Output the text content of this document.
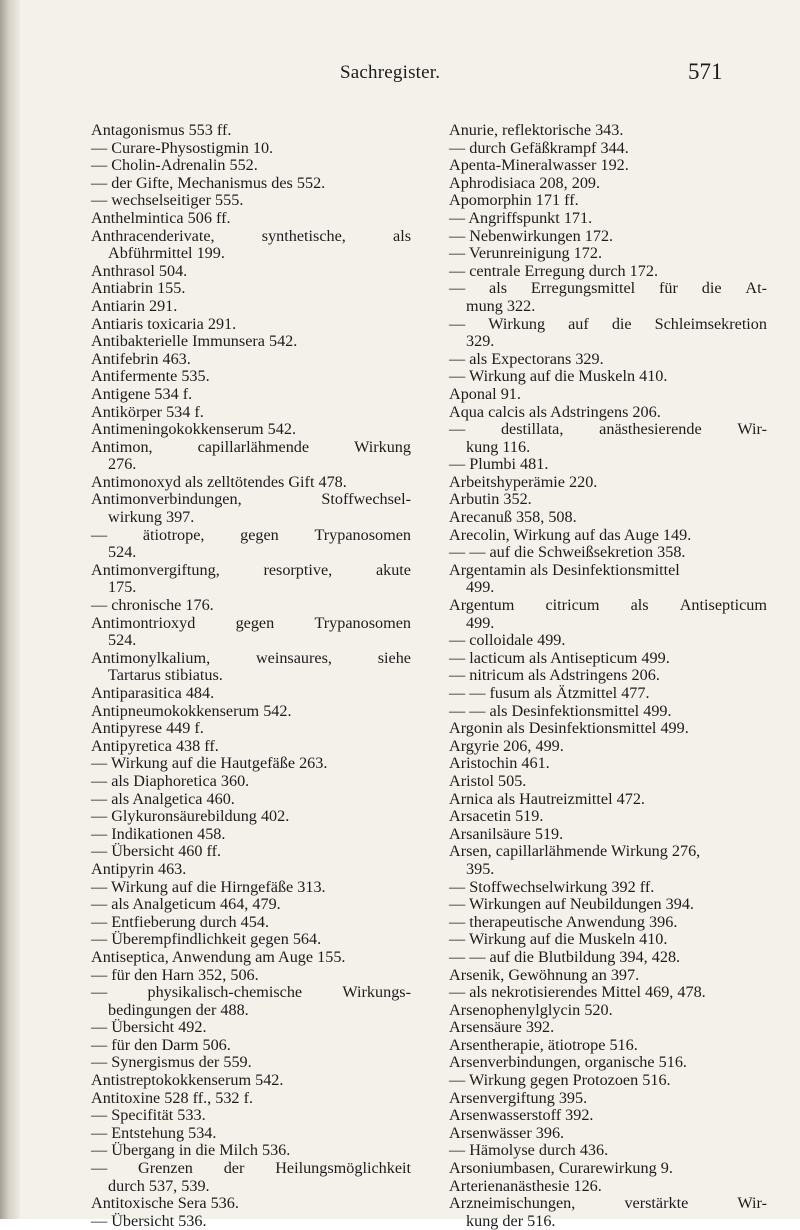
Sachregister.	571
Antagonismus 553 ff.
— Curare-Physostigmin 10.
— Cholin-Adrenalin 552.
— der Gifte, Mechanismus des 552.
— wechselseitiger 555.
Anthelmintica 506 ff.
Anthracenderivate,	synthetische,	als
Abführmittel 199.
Anthrasol 504.
Antiabrin 155.
Antiarin 291.
Antiaris toxicaria 291.
Antibakterielle Immunsera 542.
Antifebrin 463.
Antifermente 535.
Antigene 534 f.
Antikörper 534 f.
Antimeningokokkenserum 542.
Antimon,	capillarlähmende	Wirkung
276.
Antimonoxyd als zelltötendes Gift 478.
Antimonverbindungen,	Stoffwechsel-
wirkung 397.
— ätiotrope, gegen Trypanosomen
524.
Antimonvergiftung,	resorptive,	akute
175.
— chronische 176.
Antimontrioxyd gegen Trypanosomen
524.
Antimonylkalium,	weinsaures,	siehe
Tartarus stibiatus.
Antiparasitica 484.
Antipneumokokkenserum 542.
Antipyrese 449 f.
Antipyretica 438 ff.
— Wirkung auf die Hautgefäße 263.
— als Diaphoretica 360.
— als Analgetica 460.
— Glykuronsäurebildung 402.
— Indikationen 458.
— Übersicht 460 ff.
Antipyrin 463.
— Wirkung auf die Hirngefäße 313.
— als Analgeticum 464, 479.
— Entfieberung durch 454.
— Überempfindlichkeit gegen 564.
Antiseptica, Anwendung am Auge 155.
— für den Harn 352, 506.
— physikalisch-chemische Wirkungs-
bedingungen der 488.
— Übersicht 492.
— für den Darm 506.
— Synergismus der 559.
Antistreptokokkenserum 542.
Antitoxine 528 ff., 532 f.
— Specifität 533.
— Entstehung 534.
— Übergang in die Milch 536.
— Grenzen der Heilungsmöglichkeit
durch 537, 539.
Antitoxische Sera 536.
— Übersicht 536.
Anurie, reflektorische 343.
— durch Gefäßkrampf 344.
Apenta-Mineralwasser 192.
Aphrodisiaca 208, 209.
Apomorphin 171 ff.
— Angriffspunkt 171.
— Nebenwirkungen 172.
— Verunreinigung 172.
— centrale Erregung durch 172.
— als Erregungsmittel für die At-
mung 322.
— Wirkung auf die Schleimsekretion
329.
— als Expectorans 329.
— Wirkung auf die Muskeln 410.
Aponal 91.
Aqua calcis als Adstringens 206.
— destillata, anästhesierende Wir-
kung 116.
— Plumbi 481.
Arbeitshyperämie 220.
Arbutin 352.
Arecanuß 358, 508.
Arecolin, Wirkung auf das Auge 149.
— — auf die Schweißsekretion 358.
Argentamin als Desinfektionsmittel
499.
Argentum citricum als Antisepticum
499.
— colloidale 499.
— lacticum als Antisepticum 499.
— nitricum als Adstringens 206.
— — fusum als Ätzmittel 477.
— — als Desinfektionsmittel 499.
Argonin als Desinfektionsmittel 499.
Argyrie 206, 499.
Aristochin 461.
Aristol 505.
Arnica als Hautreizmittel 472.
Arsacetin 519.
Arsanilsäure 519.
Arsen, capillarlähmende Wirkung 276,
395.
— Stoffwechselwirkung 392 ff.
— Wirkungen auf Neubildungen 394.
— therapeutische Anwendung 396.
— Wirkung auf die Muskeln 410.
— — auf die Blutbildung 394, 428.
Arsenik, Gewöhnung an 397.
— als nekrotisierendes Mittel 469, 478.
Arsenophenylglycin 520.
Arsensäure 392.
Arsentherapie, ätiotrope 516.
Arsenverbindungen, organische 516.
— Wirkung gegen Protozoen 516.
Arsenvergiftung 395.
Arsenwasserstoff 392.
Arsenwässer 396.
— Hämolyse durch 436.
Arsoniumbasen, Curarewirkung 9.
Arterienanästhesie 126.
Arzneimischungen,	verstärkte	Wir-
kung der 516.
